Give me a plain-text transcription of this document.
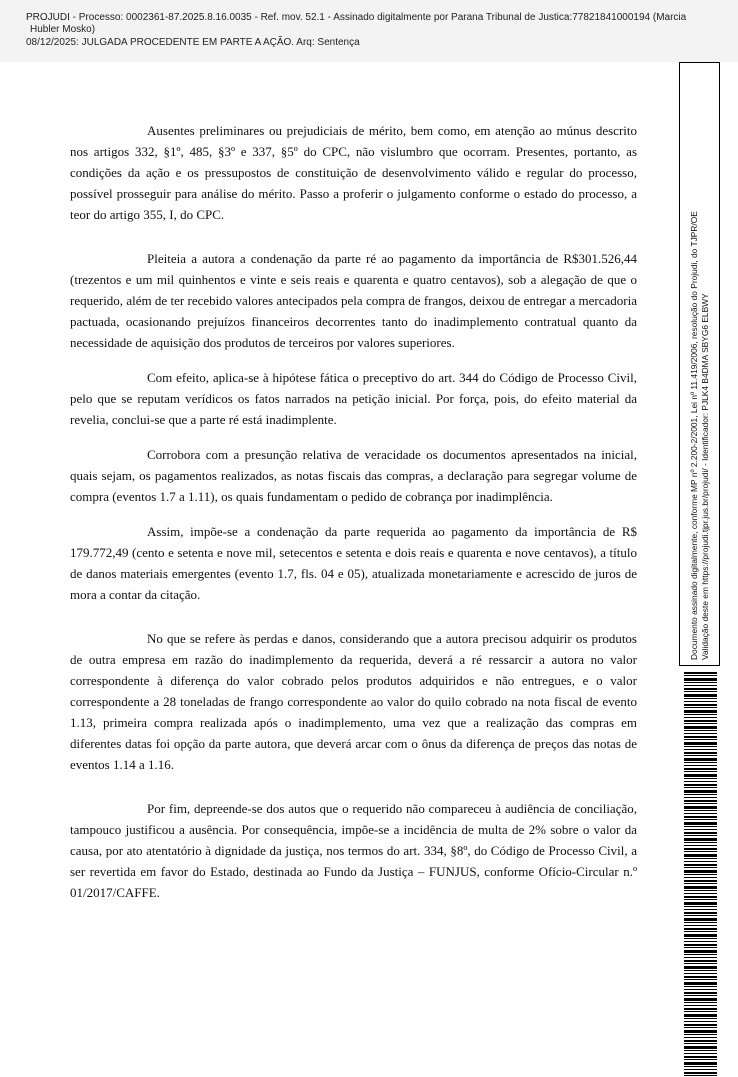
PROJUDI - Processo: 0002361-87.2025.8.16.0035 - Ref. mov. 52.1 - Assinado digitalmente por Parana Tribunal de Justica:77821841000194 (Marcia
Hubler Mosko)
08/12/2025: JULGADA PROCEDENTE EM PARTE A AÇÃO. Arq: Sentença

Ausentes preliminares ou prejudiciais de mérito, bem como, em atenção ao múnus descrito nos artigos 332, §1º, 485, §3º e 337, §5º do CPC, não vislumbro que ocorram. Presentes, portanto, as condições da ação e os pressupostos de constituição de desenvolvimento válido e regular do processo, possível prosseguir para análise do mérito. Passo a proferir o julgamento conforme o estado do processo, a teor do artigo 355, I, do CPC.

Pleiteia a autora a condenação da parte ré ao pagamento da importância de R$301.526,44 (trezentos e um mil quinhentos e vinte e seis reais e quarenta e quatro centavos), sob a alegação de que o requerido, além de ter recebido valores antecipados pela compra de frangos, deixou de entregar a mercadoria pactuada, ocasionando prejuízos financeiros decorrentes tanto do inadimplemento contratual quanto da necessidade de aquisição dos produtos de terceiros por valores superiores.

Com efeito, aplica-se à hipótese fática o preceptivo do art. 344 do Código de Processo Civil, pelo que se reputam verídicos os fatos narrados na petição inicial. Por força, pois, do efeito material da revelia, conclui-se que a parte ré está inadimplente.

Corrobora com a presunção relativa de veracidade os documentos apresentados na inicial, quais sejam, os pagamentos realizados, as notas fiscais das compras, a declaração para segregar volume de compra (eventos 1.7 a 1.11), os quais fundamentam o pedido de cobrança por inadimplência.

Assim, impõe-se a condenação da parte requerida ao pagamento da importância de R$ 179.772,49 (cento e setenta e nove mil, setecentos e setenta e dois reais e quarenta e nove centavos), a título de danos materiais emergentes (evento 1.7, fls. 04 e 05), atualizada monetariamente e acrescido de juros de mora a contar da citação.

No que se refere às perdas e danos, considerando que a autora precisou adquirir os produtos de outra empresa em razão do inadimplemento da requerida, deverá a ré ressarcir a autora no valor correspondente à diferença do valor cobrado pelos produtos adquiridos e não entregues, e o valor correspondente a 28 toneladas de frango correspondente ao valor do quilo cobrado na nota fiscal de evento 1.13, primeira compra realizada após o inadimplemento, uma vez que a realização das compras em diferentes datas foi opção da parte autora, que deverá arcar com o ônus da diferença de preços das notas de eventos 1.14 a 1.16.

Por fim, depreende-se dos autos que o requerido não compareceu à audiência de conciliação, tampouco justificou a ausência. Por consequência, impõe-se a incidência de multa de 2% sobre o valor da causa, por ato atentatório à dignidade da justiça, nos termos do art. 334, §8º, do Código de Processo Civil, a ser revertida em favor do Estado, destinada ao Fundo da Justiça – FUNJUS, conforme Ofício-Circular n.º 01/2017/CAFFE.

Documento assinado digitalmente, conforme MP nº 2.200-2/2001, Lei nº 11.419/2006, resolução do Projudi, do TJPR/OE Validação deste em https://projudi.tjpr.jus.br/projudi/ - Identificador: PJLK4 B4DMA SBYG6 ELBWY
